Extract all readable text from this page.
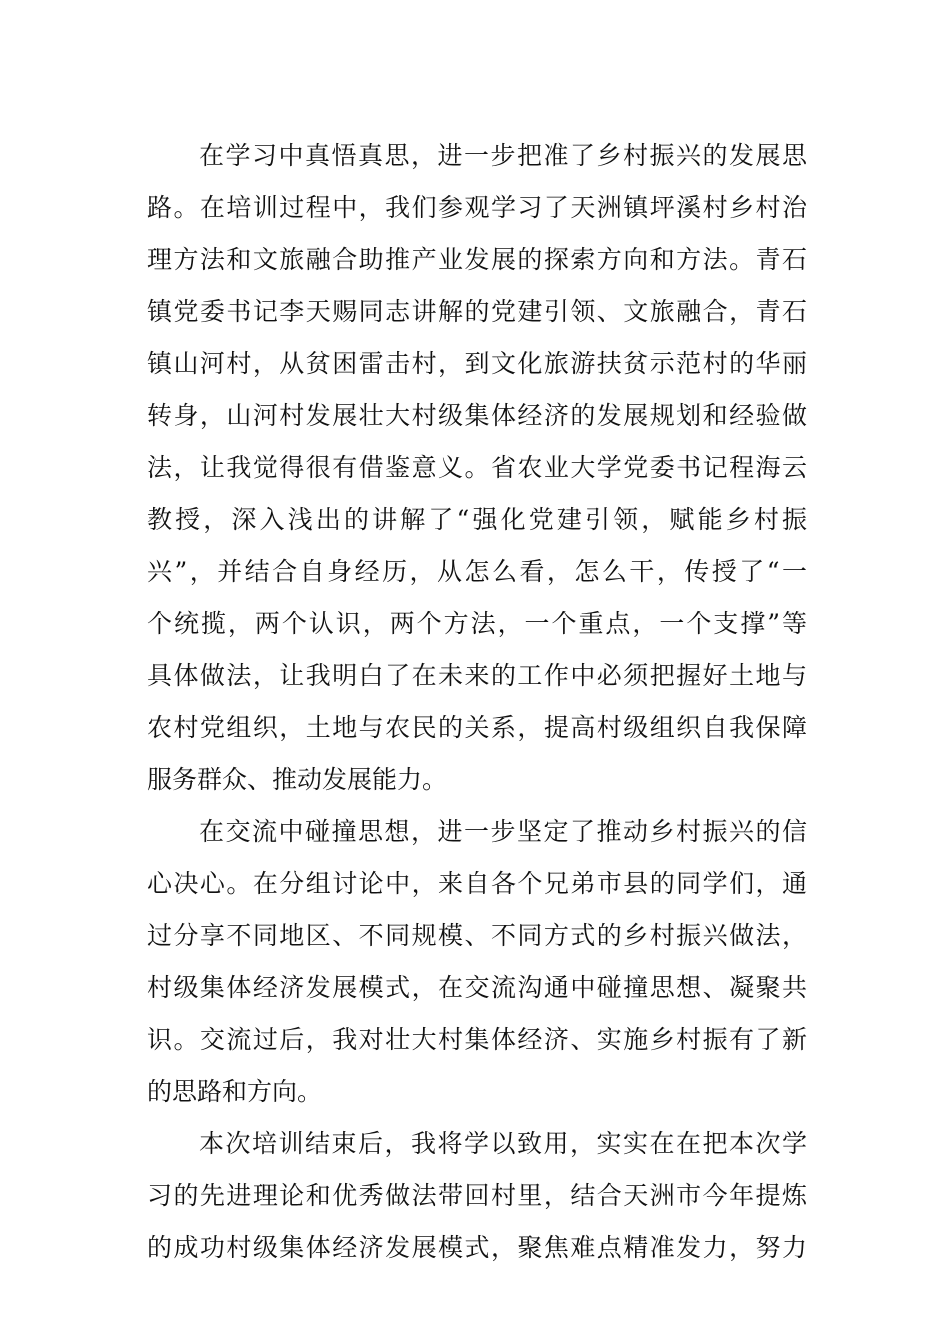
在学习中真悟真思，进一步把准了乡村振兴的发展思
路。在培训过程中，我们参观学习了天洲镇坪溪村乡村治
理方法和文旅融合助推产业发展的探索方向和方法。青石
镇党委书记李天赐同志讲解的党建引领、文旅融合，青石
镇山河村，从贫困雷击村，到文化旅游扶贫示范村的华丽
转身，山河村发展壮大村级集体经济的发展规划和经验做
法，让我觉得很有借鉴意义。省农业大学党委书记程海云
教授，深入浅出的讲解了“强化党建引领，赋能乡村振
兴”，并结合自身经历，从怎么看，怎么干，传授了“一
个统揽，两个认识，两个方法，一个重点，一个支撑”等
具体做法，让我明白了在未来的工作中必须把握好土地与
农村党组织，土地与农民的关系，提高村级组织自我保障
服务群众、推动发展能力。
在交流中碰撞思想，进一步坚定了推动乡村振兴的信
心决心。在分组讨论中，来自各个兄弟市县的同学们，通
过分享不同地区、不同规模、不同方式的乡村振兴做法，
村级集体经济发展模式，在交流沟通中碰撞思想、凝聚共
识。交流过后，我对壮大村集体经济、实施乡村振有了新
的思路和方向。
本次培训结束后，我将学以致用，实实在在把本次学
习的先进理论和优秀做法带回村里，结合天洲市今年提炼
的成功村级集体经济发展模式，聚焦难点精准发力，努力
